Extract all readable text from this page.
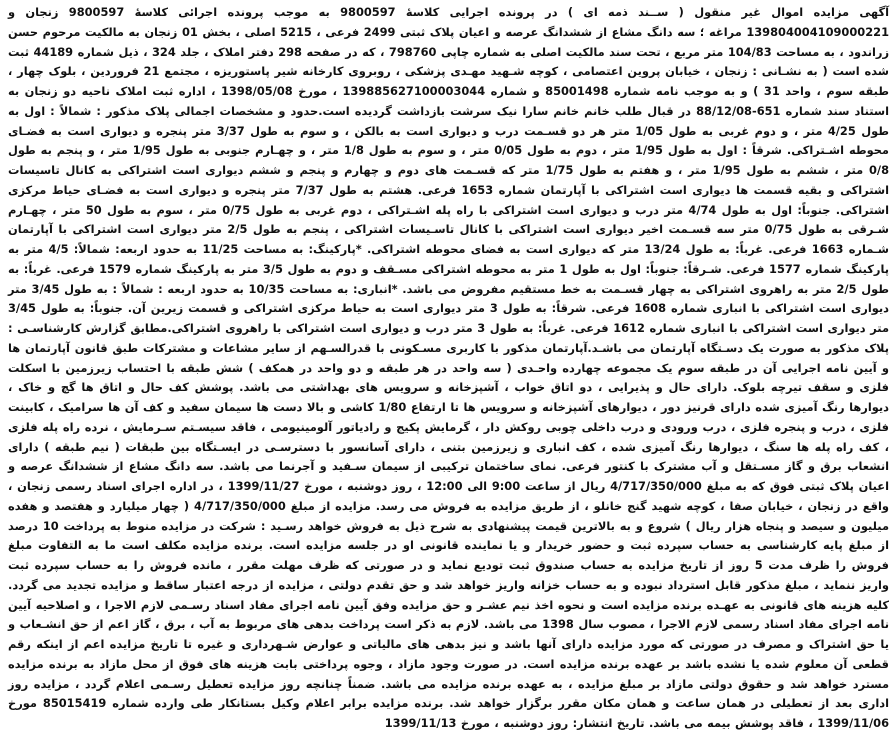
آگهی مزایده اموال غیر منقول ( ســند ذمه ای ) در پرونده اجرایی کلاسهٔ 9800597 به موجب پرونده اجرائی کلاسهٔ 9800597 زنجان و 139804004109000221 مراغه ؛ سه دانگ مشاع از ششدانگ عرصه و اعیان پلاک ثبتی 2499 فرعی ، 5215 اصلی ، بخش 01 زنجان به مالکیت مرحوم حسن زراندود ، به مساحت 104/83 متر مربع ، تحت سند مالکیت اصلی به شماره چاپی 798760 ، که در صفحه 298 دفتر املاک ، جلد 324 ، ذیل شماره 44189 ثبت شده است ( به نشـانی : زنجان ، خیابان پروین اعتصامی ، کوچه شـهید مهـدی پزشکی ، روبروی کارخانه شیر پاستوریزه ، مجتمع 21 فروردین ، بلوک چهار ، طبقه سوم ، واحد 31 ) و به موجب نامه شماره 85001498 و شماره 13988562710000304​4 ، مورخ 1398/05/08 ، اداره ثبت املاک ناحیه دو زنجان به استناد سند شماره 651-88/12/08 در قبال طلب خانم خانم سارا نیک سرشت بازداشت گردیده است.حدود و مشخصات اجمالی پلاک مذکور : شمالاً : اول به طول 4/25 متر ، و دوم غربی به طول 1/05 متر هر دو قسـمت درب و دیواری است به بالکن ، و سوم به طول 3/37 متر پنجره و دیواری است به فضـای محوطه اشـتراکی. شرقاً : اول به طول 1/95 متر ، دوم به طول 0/05 متر ، و سوم به طول 1/8 متر ، و چهـارم جنوبی به طول 1/95 متر ، و پنجم به طول 0/8 متر ، ششم به طول 1/95 متر ، و هفتم به طول 1/75 متر که قسـمت های دوم و چهارم و پنجم و ششم دیواری است اشتراکی به کانال تاسیسات اشتراکی و بقیه قسمت ها دیواری است اشتراکی با آپارتمان شماره 1653 فرعی. هشتم به طول 7/37 متر پنجره و دیواری است به فضـای حیاط مرکزی اشتراکی. جنوباً: اول به طول 4/74 متر درب و دیواری است اشتراکی با راه پله اشـتراکی ، دوم غربی به طول 0/75 متر ، سوم به طول 50 متر ، چهـارم شـرقی به طول 0/75 متر سه قسـمت اخیر دیواری است اشتراکی با کانال تاسـیسات اشتراکی ، پنجم به طول 2/5 متر دیواری است اشتراکی با آپارتمان شـماره 1663 فرعی. غرباً: به طول 13/24 متر که دیواری است به فضای محوطه اشتراکی. *پارکینگ: به مساحت 11/25 به حدود اربعه: شمالاً: 4/5 متر به پارکینگ شماره 1577 فرعی. شـرقاً: جنوباً: اول به طول 1 متر به محوطه اشتراکی مسـقف و دوم به طول 3/5 متر به پارکینگ شماره 1579 فرعی. غرباً: به طول 2/5 متر به راهروی اشتراکی به چهار قسـمت به خط مستقیم مفروض می باشد. *انباری: به مساحت 10/35 به حدود اربعه : شمالاً : به طول 3/45 متر دیواری است اشتراکی با انباری شماره 1608 فرعی. شرقاً: به طول 3 متر دیواری است به حیاط مرکزی اشتراکی و قسمت زیرین آن. جنوباً: به طول 3/45 متر دیواری است اشتراکی با انباری شماره 1612 فرعی. غرباً: به طول 3 متر درب و دیواری است اشتراکی با راهروی اشتراکی.مطابق گزارش کارشناسـی : پلاک مذکور به صورت یک دسـتگاه آپارتمان می باشـد.آپارتمان مذکور با کاربری مسـکونی با قدرالسـهم از سایر مشاعات و مشترکات طبق قانون آپارتمان ها و آیین نامه اجرایی آن در طبقه سوم یک مجموعه چهارده واحـدی ( سه واحد در هر طبقه و دو واحد در همکف ) شش طبقه با احتساب زیرزمین با اسکلت فلزی و سقف تیرچه بلوک. دارای حال و پذیرایی ، دو اتاق خواب ، آشپزخانه و سرویس های بهداشتی می باشد. پوشش کف حال و اتاق ها گچ و خاک ، دیوارها رنگ آمیزی شده دارای قرنیز دور ، دیوارهای آشپزخانه و سرویس ها تا ارتفاع 1/80 کاشی و بالا دست ها سیمان سفید و کف آن ها سرامیک ، کابینت فلزی ، درب و پنجره فلزی ، درب ورودی و درب داخلی چوبی روکش دار ، گرمایش پکیج و رادیاتور آلومینیومی ، فاقد سیسـتم سـرمایش ، نرده راه پله فلزی ، کف راه پله ها سنگ ، دیوارها رنگ آمیزی شده ، کف انباری و زیرزمین بتنی ، دارای آسانسور با دسترسـی در ایسـتگاه بین طبقات ( نیم طبقه ) دارای انشعاب برق و گاز مسـتقل و آب مشترک با کنتور فرعی. نمای ساختمان ترکیبی از سیمان سـفید و آجرنما می باشد. سه دانگ مشاع از ششدانگ عرصه و اعیان پلاک ثبتی فوق که به مبلغ 4/717/350/000 ریال از ساعت 9:00 الی 12:00 ، روز دوشنبه ، مورخ 1399/11/27 ، در اداره اجرای اسناد رسمی زنجان ، واقع در زنجان ، خیابان صفا ، کوچه شهید گنج خانلو ، از طریق مزایده به فروش می رسد. مزایده از مبلغ 4/717/350/000 ( چهار میلیارد و هفتصد و هفده میلیون و سیصد و پنجاه هزار ریال ) شروع و به بالاترین قیمت پیشنهادی به شرح ذیل به فروش خواهد رسـید : شرکت در مزایده منوط به پرداخت 10 درصد از مبلغ پایه کارشناسی به حساب سپرده ثبت و حضور خریدار و یا نماینده قانونی او در جلسه مزایده است. برنده مزایده مکلف است ما به التفاوت مبلغ فروش را ظرف مدت 5 روز از تاریخ مزایده به حساب صندوق ثبت تودیع نماید و در صورتی که ظرف مهلت مقرر ، مانده فروش را به حساب سپرده ثبت واریز ننماید ، مبلغ مذکور قابل استرداد نبوده و به حساب خزانه واریز خواهد شد و حق تقدم دولتی ، مزایده از درجه اعتبار ساقط و مزایده تجدید می گردد. کلیه هزینه های قانونی به عهـده برنده مزایده است و نحوه اخذ نیم عشـر و حق مزایده وفق آیین نامه اجرای مفاد اسناد رسـمی لازم الاجرا ، و اصلاحیه آیین نامه اجرای مفاد اسناد رسمی لازم الاجرا ، مصوب سال 1398 می باشد. لازم به ذکر است پرداخت بدهی های مربوط به آب ، برق ، گاز اعم از حق انشـعاب و یا حق اشتراک و مصرف در صورتی که مورد مزایده دارای آنها باشد و نیز بدهی های مالیاتی و عوارض شـهرداری و غیره تا تاریخ مزایده اعم از اینکه رقم قطعی آن معلوم شده یا نشده باشد بر عهده برنده مزایده است. در صورت وجود مازاد ، وجوه پرداختی بابت هزینه های فوق از محل مازاد به برنده مزایده مسترد خواهد شد و حقوق دولتی مازاد بر مبلغ مزایده ، به عهده برنده مزایده می باشد. ضمناً چنانچه روز مزایده تعطیل رسـمی اعلام گردد ، مزایده روز اداری بعد از تعطیلی در همان ساعت و همان مکان مقرر برگزار خواهد شد. برنده مزایده برابر اعلام وکیل بستانکار طی وارده شماره 85015419 مورخ 1399/11/06 ، فاقد پوشش بیمه می باشد. تاریخ انتشار: روز دوشنبه ، مورخ 1399/11/13
